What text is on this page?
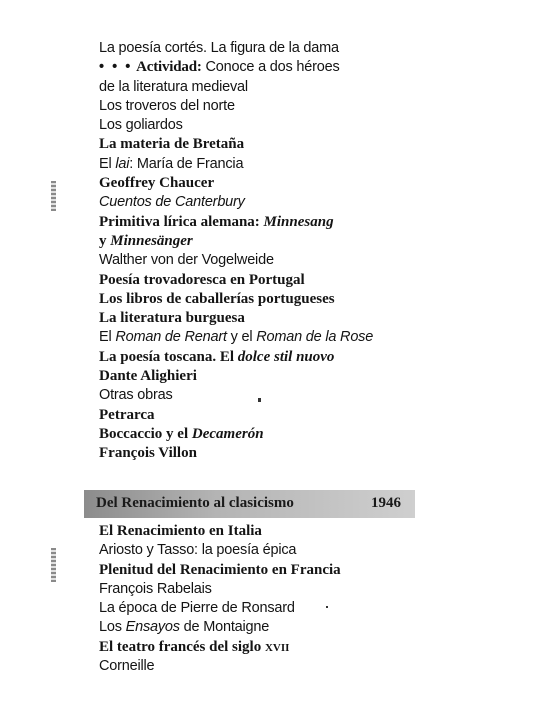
La poesía cortés. La figura de la dama
• • • Actividad: Conoce a dos héroes
de la literatura medieval
Los troveros del norte
Los goliardos
La materia de Bretaña
El lai: María de Francia
Geoffrey Chaucer
Cuentos de Canterbury
Primitiva lírica alemana: Minnesang
y Minnesänger
Walther von der Vogelweide
Poesía trovadoresca en Portugal
Los libros de caballerías portugueses
La literatura burguesa
El Roman de Renart y el Roman de la Rose
La poesía toscana. El dolce stil nuovo
Dante Alighieri
Otras obras
Petrarca
Boccaccio y el Decamerón
François Villon
Del Renacimiento al clasicismo	1946
El Renacimiento en Italia
Ariosto y Tasso: la poesía épica
Plenitud del Renacimiento en Francia
François Rabelais
La época de Pierre de Ronsard
Los Ensayos de Montaigne
El teatro francés del siglo XVII
Corneille
